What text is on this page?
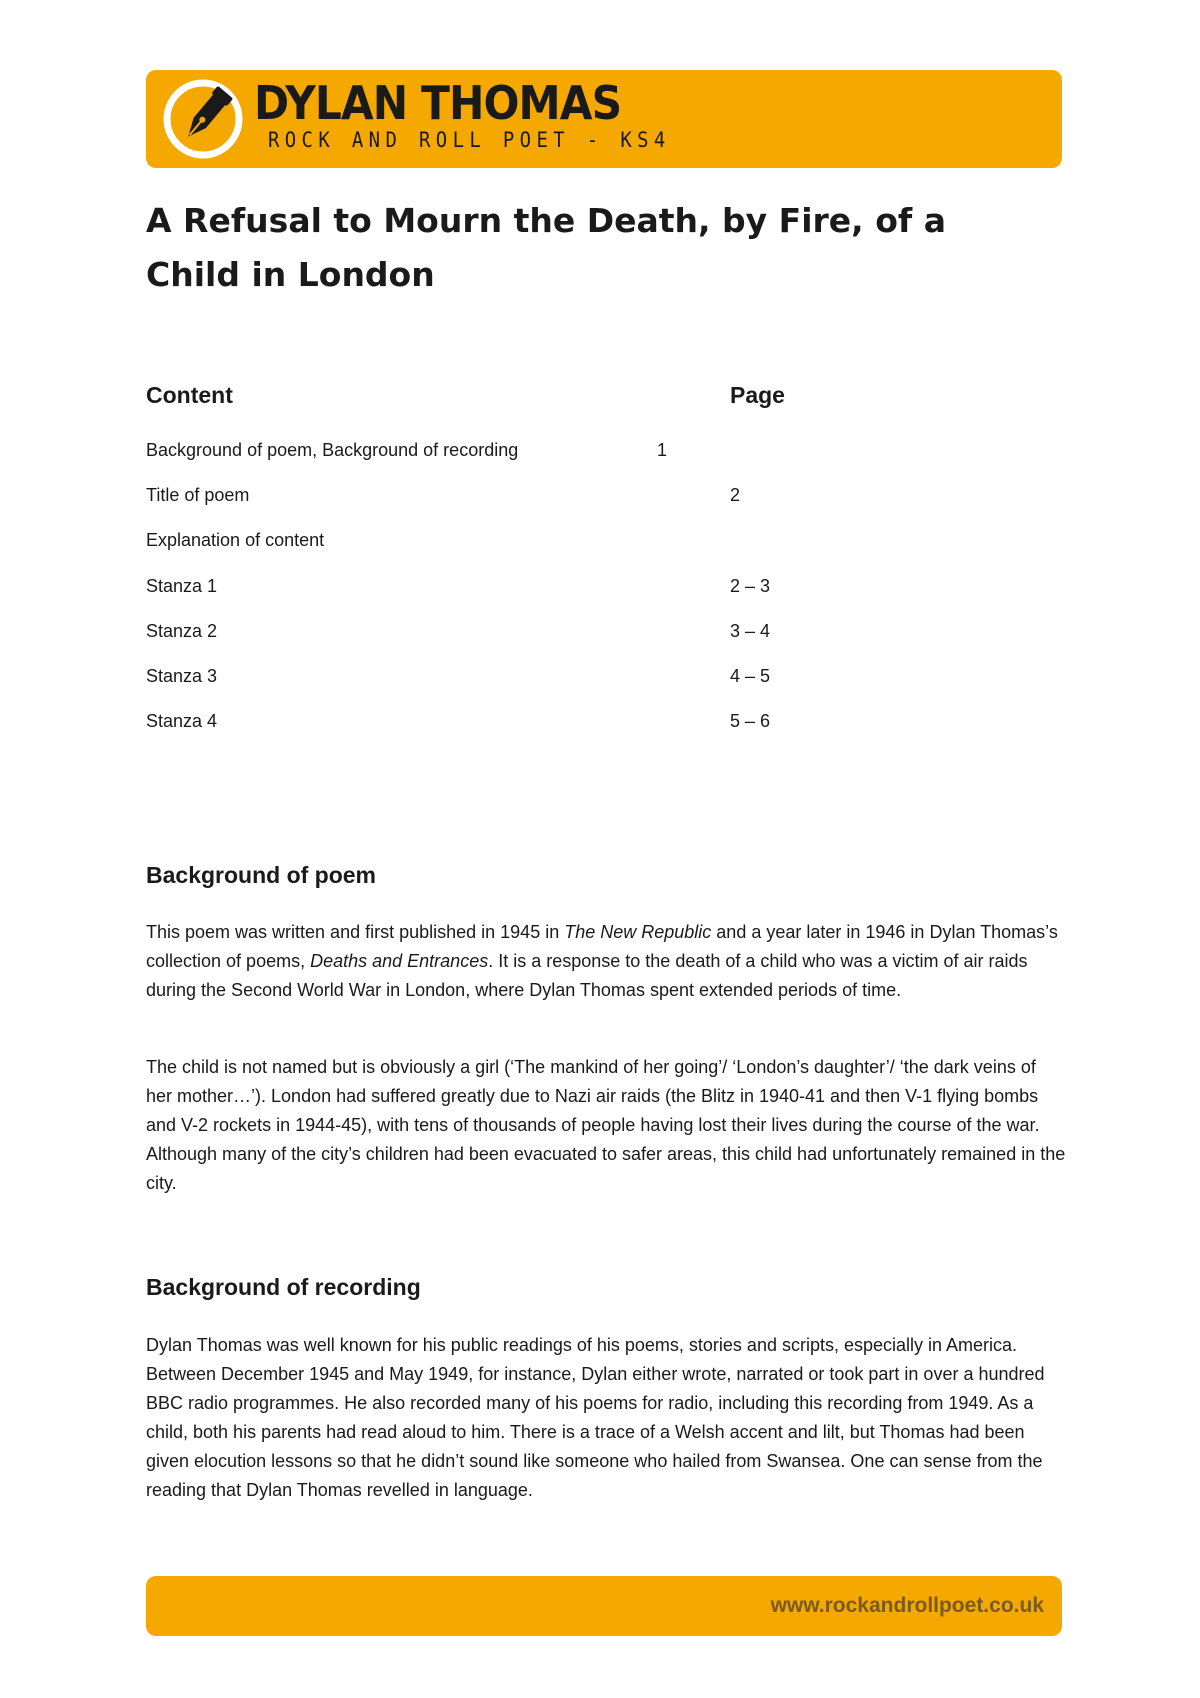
DYLAN THOMAS
ROCK AND ROLL POET - KS4
A Refusal to Mourn the Death, by Fire, of a Child in London
Content	Page
Background of poem, Background of recording	1
Title of poem	2
Explanation of content
Stanza 1	2 – 3
Stanza 2	3 – 4
Stanza 3	4 – 5
Stanza 4	5 – 6
Background of poem

This poem was written and first published in 1945 in The New Republic and a year later in 1946 in Dylan Thomas’s collection of poems, Deaths and Entrances. It is a response to the death of a child who was a victim of air raids during the Second World War in London, where Dylan Thomas spent extended periods of time.

The child is not named but is obviously a girl (‘The mankind of her going’/ ‘London’s daughter’/ ‘the dark veins of her mother…’). London had suffered greatly due to Nazi air raids (the Blitz in 1940-41 and then V-1 flying bombs and V-2 rockets in 1944-45), with tens of thousands of people having lost their lives during the course of the war. Although many of the city’s children had been evacuated to safer areas, this child had unfortunately remained in the city.

Background of recording

Dylan Thomas was well known for his public readings of his poems, stories and scripts, especially in America. Between December 1945 and May 1949, for instance, Dylan either wrote, narrated or took part in over a hundred BBC radio programmes. He also recorded many of his poems for radio, including this recording from 1949. As a child, both his parents had read aloud to him. There is a trace of a Welsh accent and lilt, but Thomas had been given elocution lessons so that he didn’t sound like someone who hailed from Swansea. One can sense from the reading that Dylan Thomas revelled in language.

www.rockandrollpoet.co.uk
